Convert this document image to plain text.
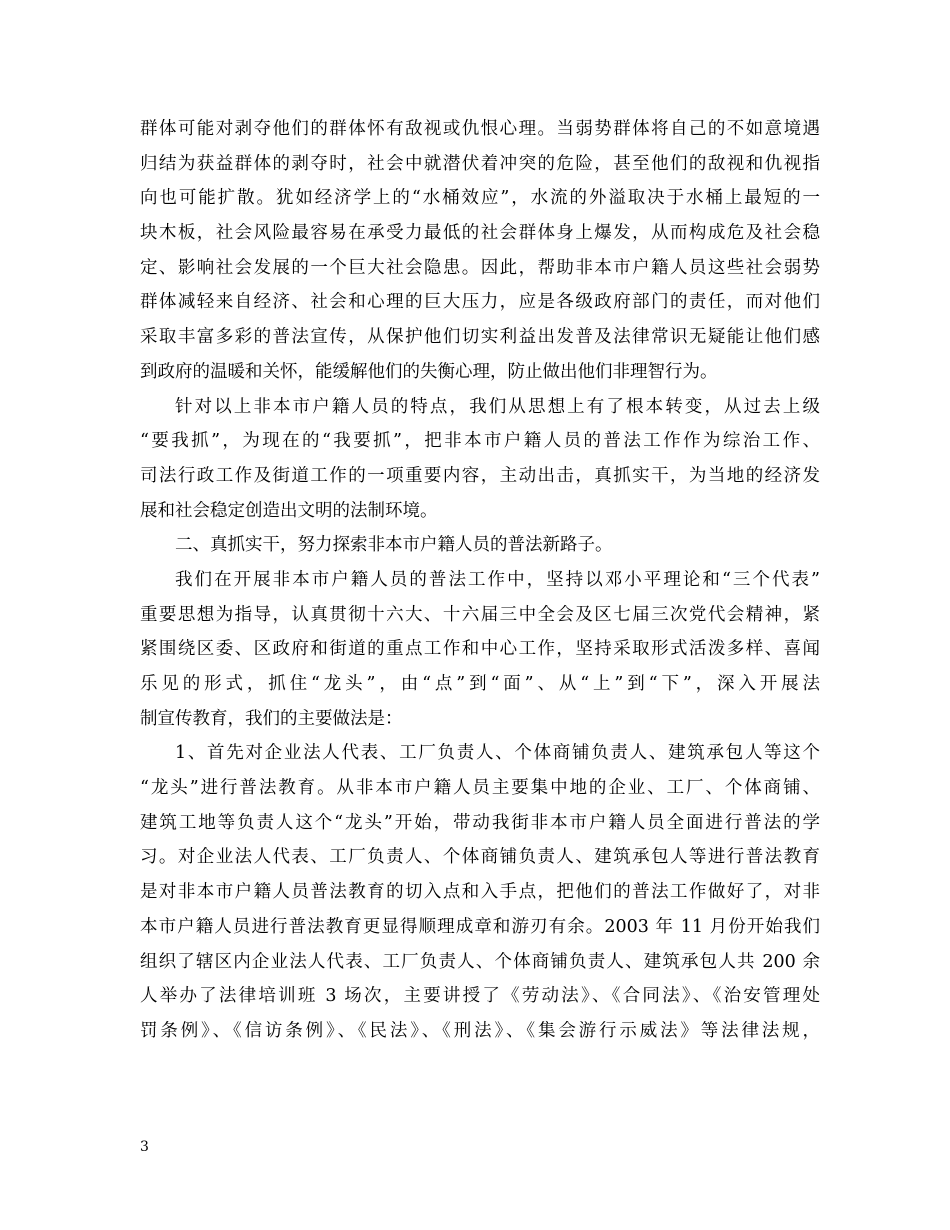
群体可能对剥夺他们的群体怀有敌视或仇恨心理。当弱势群体将自己的不如意境遇
归结为获益群体的剥夺时，社会中就潜伏着冲突的危险，甚至他们的敌视和仇视指
向也可能扩散。犹如经济学上的“水桶效应”，水流的外溢取决于水桶上最短的一
块木板，社会风险最容易在承受力最低的社会群体身上爆发，从而构成危及社会稳
定、影响社会发展的一个巨大社会隐患。因此，帮助非本市户籍人员这些社会弱势
群体减轻来自经济、社会和心理的巨大压力，应是各级政府部门的责任，而对他们
采取丰富多彩的普法宣传，从保护他们切实利益出发普及法律常识无疑能让他们感
到政府的温暖和关怀，能缓解他们的失衡心理，防止做出他们非理智行为。
针对以上非本市户籍人员的特点，我们从思想上有了根本转变，从过去上级
“要我抓”，为现在的“我要抓”，把非本市户籍人员的普法工作作为综治工作、
司法行政工作及街道工作的一项重要内容，主动出击，真抓实干，为当地的经济发
展和社会稳定创造出文明的法制环境。
二、真抓实干，努力探索非本市户籍人员的普法新路子。
我们在开展非本市户籍人员的普法工作中，坚持以邓小平理论和“三个代表”
重要思想为指导，认真贯彻十六大、十六届三中全会及区七届三次党代会精神，紧
紧围绕区委、区政府和街道的重点工作和中心工作，坚持采取形式活泼多样、喜闻
乐见的形式，抓住“龙头”，由“点”到“面”、从“上”到“下”，深入开展法
制宣传教育，我们的主要做法是：
1、首先对企业法人代表、工厂负责人、个体商铺负责人、建筑承包人等这个
“龙头”进行普法教育。从非本市户籍人员主要集中地的企业、工厂、个体商铺、
建筑工地等负责人这个“龙头”开始，带动我街非本市户籍人员全面进行普法的学
习。对企业法人代表、工厂负责人、个体商铺负责人、建筑承包人等进行普法教育
是对非本市户籍人员普法教育的切入点和入手点，把他们的普法工作做好了，对非
本市户籍人员进行普法教育更显得顺理成章和游刃有余。2003 年 11 月份开始我们
组织了辖区内企业法人代表、工厂负责人、个体商铺负责人、建筑承包人共 200 余
人举办了法律培训班 3 场次，主要讲授了《劳动法》、《合同法》、《治安管理处
罚条例》、《信访条例》、《民法》、《刑法》、《集会游行示威法》等法律法规，
3
